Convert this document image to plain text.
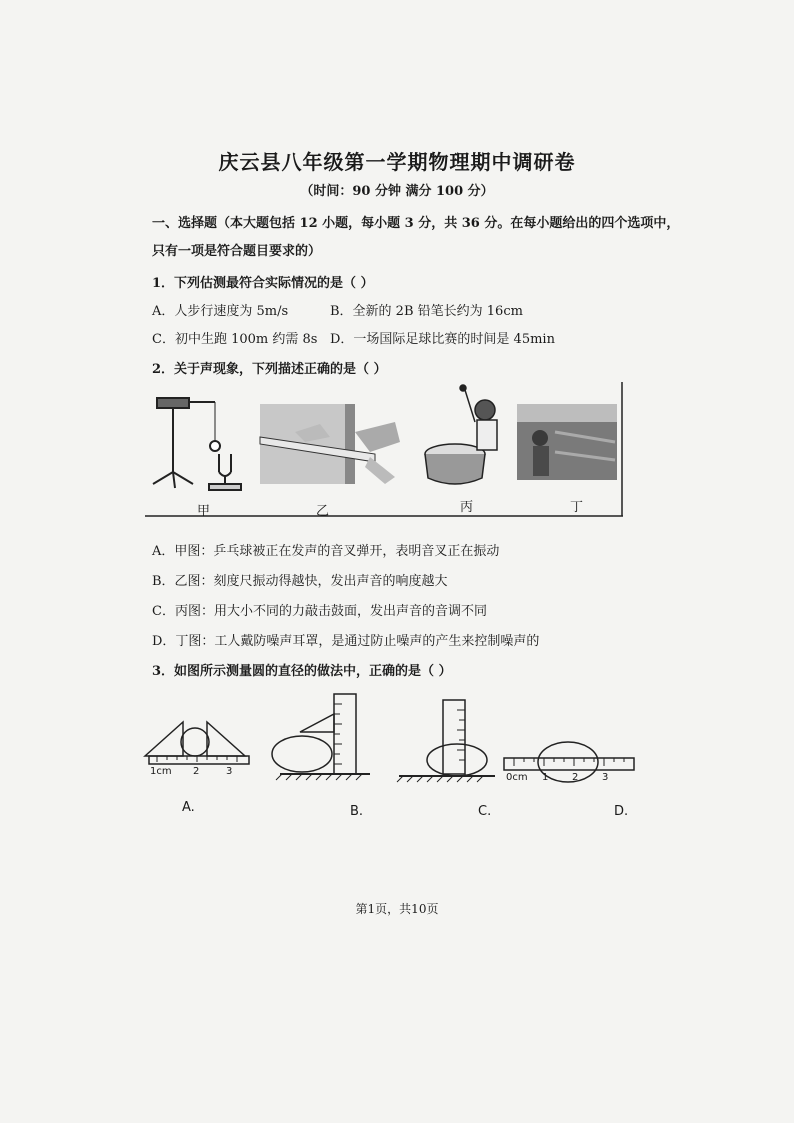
庆云县八年级第一学期物理期中调研卷
（时间：90 分钟 满分 100 分）
一、选择题（本大题包括 12 小题，每小题 3 分，共 36 分。在每小题给出的四个选项中，
只有一项是符合题目要求的）
1．下列估测最符合实际情况的是（ ）
A．人步行速度为 5m/s	B．全新的 2B 铅笔长约为 16cm
C．初中生跑 100m 约需 8s D．一场国际足球比赛的时间是 45min
2．关于声现象，下列描述正确的是（ ）
甲	乙	丙	丁
A．甲图：乒乓球被正在发声的音叉弹开，表明音叉正在振动
B．乙图：刻度尺振动得越快，发出声音的响度越大
C．丙图：用大小不同的力敲击鼓面，发出声音的音调不同
D．丁图：工人戴防噪声耳罩，是通过防止噪声的产生来控制噪声的
3．如图所示测量圆的直径的做法中，正确的是（ ）
1cm 2	3
0cm 1 2 3
A.	B.	C.	D.
第1页，共10页
